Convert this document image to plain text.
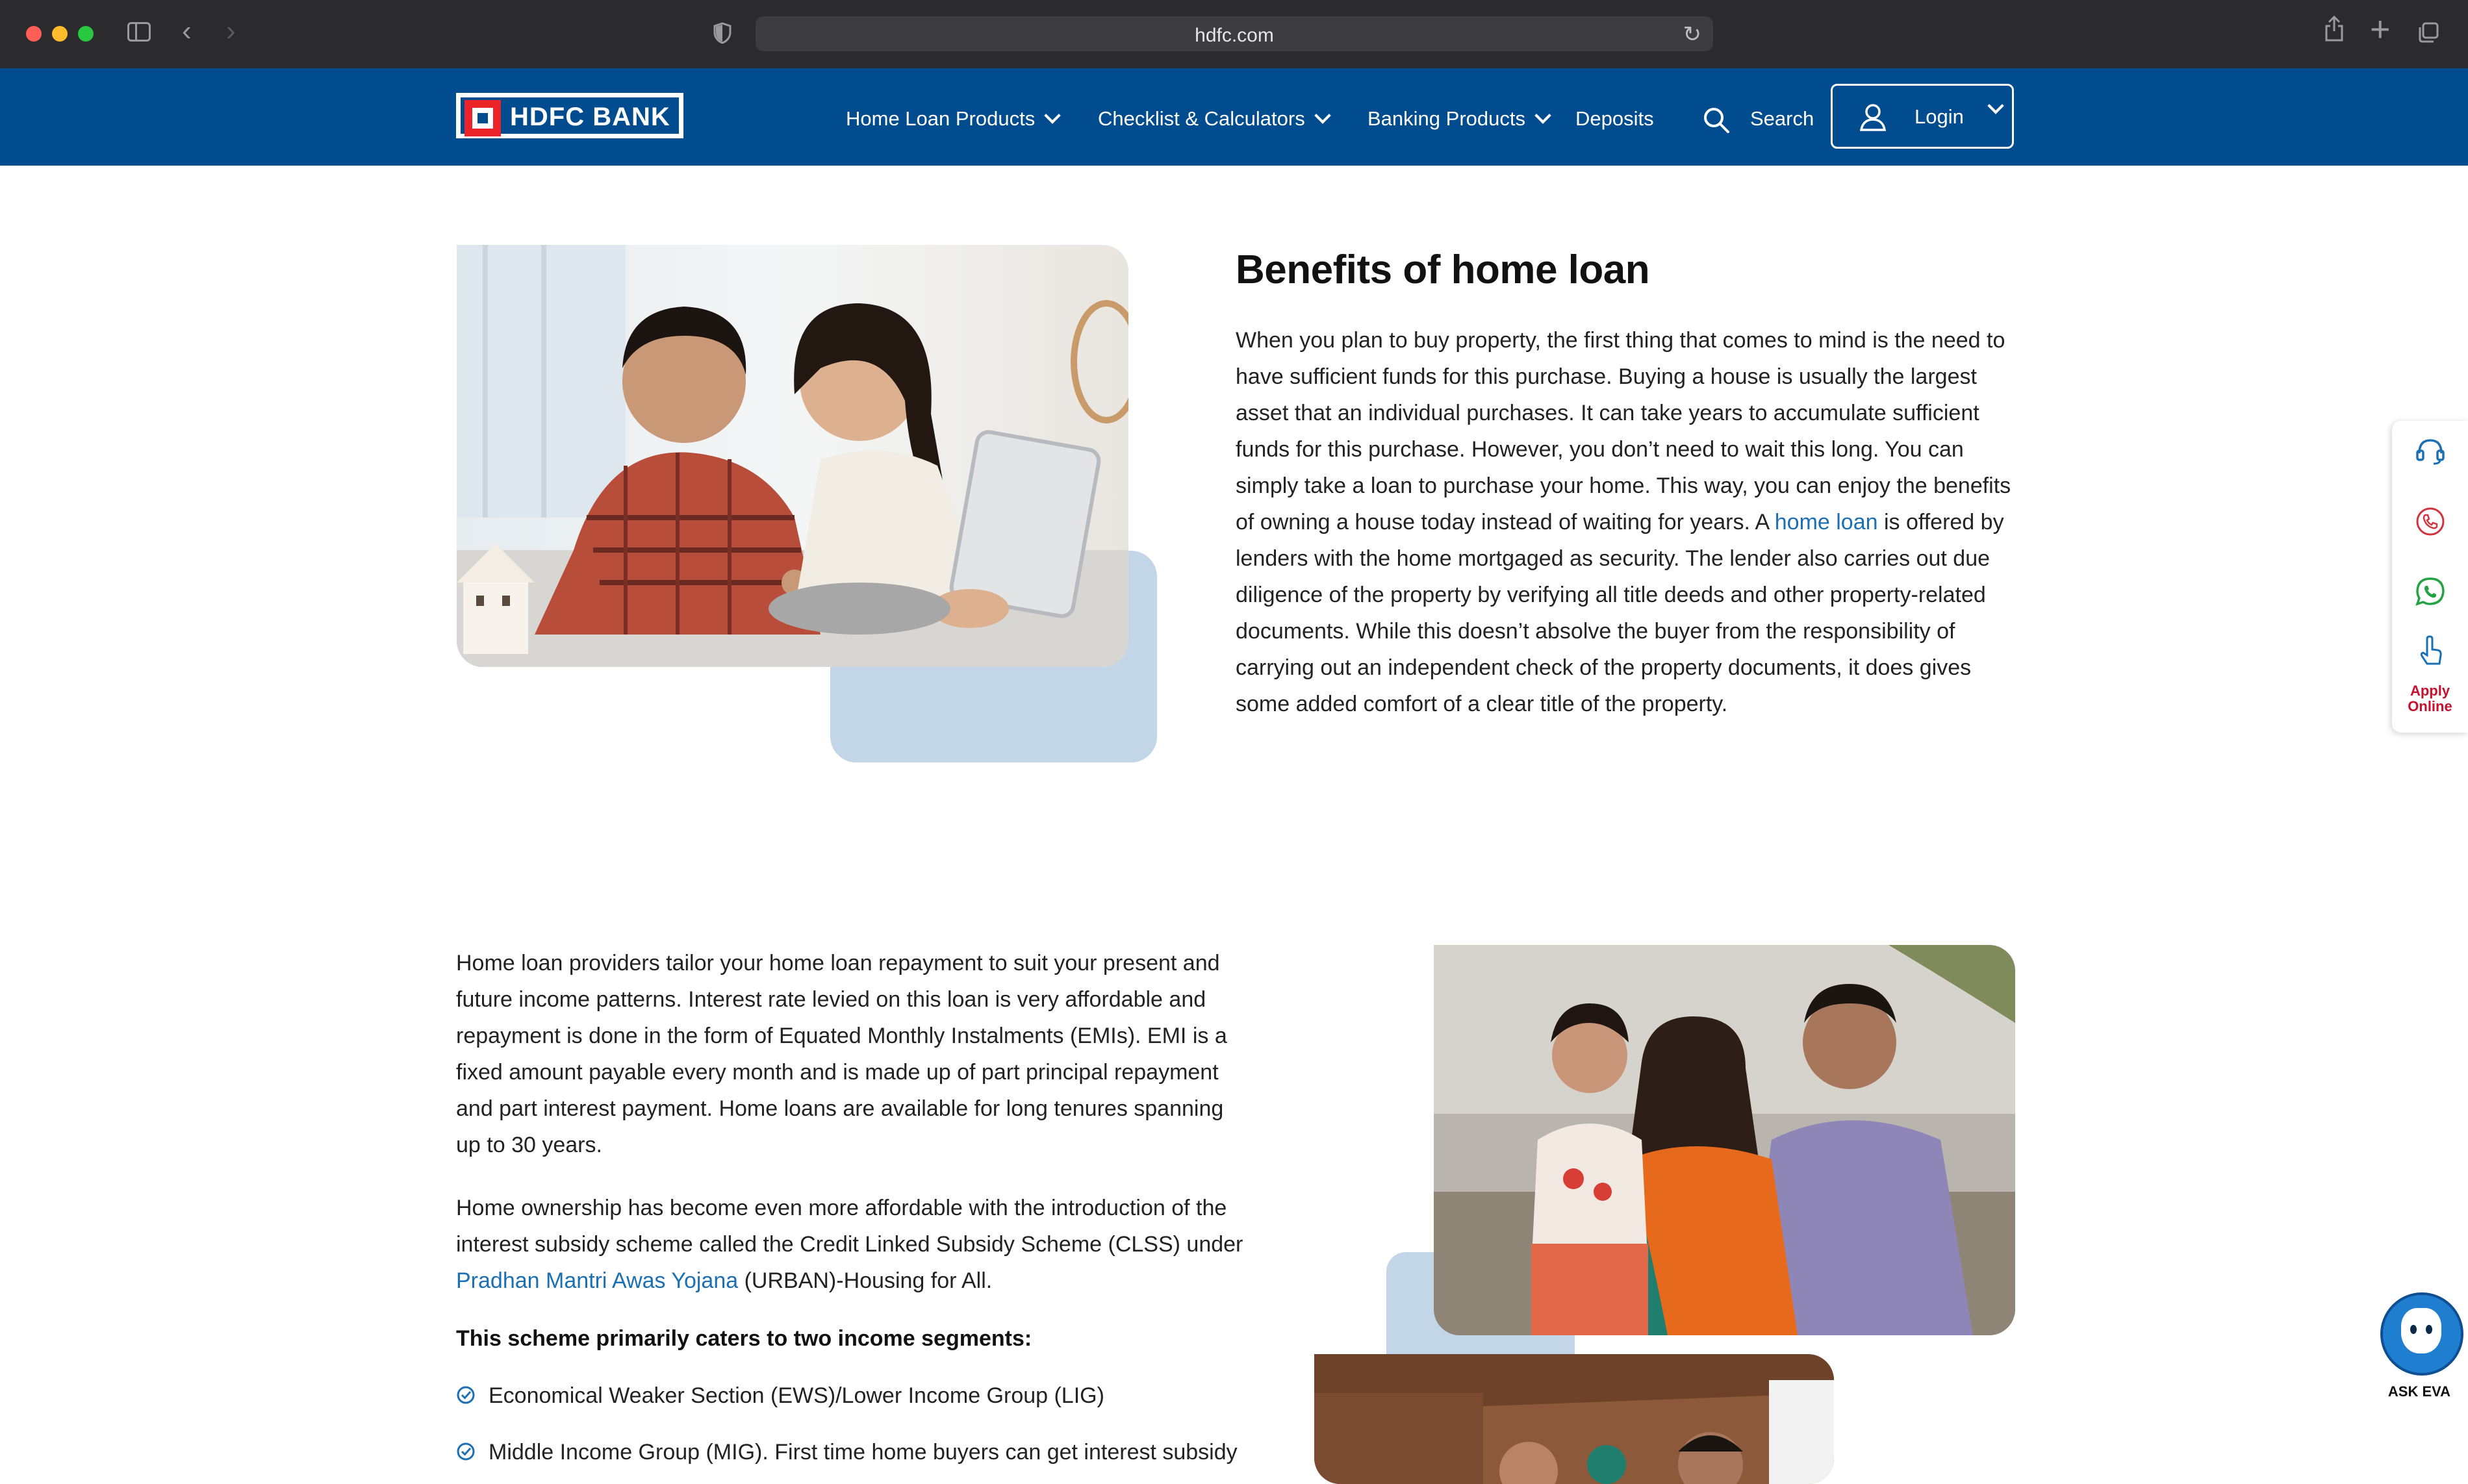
‹ ›	hdfc.com	↻	+
HDFC BANK	Home Loan Products	Checklist & Calculators	Banking Products	Deposits	Search	Login
Benefits of home loan

When you plan to buy property, the first thing that comes to mind is the need to have sufficient funds for this purchase. Buying a house is usually the largest asset that an individual purchases. It can take years to accumulate sufficient funds for this purchase. However, you don’t need to wait this long. You can simply take a loan to purchase your home. This way, you can enjoy the benefits of owning a house today instead of waiting for years. A home loan is offered by lenders with the home mortgaged as security. The lender also carries out due diligence of the property by verifying all title deeds and other property-related documents. While this doesn’t absolve the buyer from the responsibility of carrying out an independent check of the property documents, it does gives some added comfort of a clear title of the property.

Home loan providers tailor your home loan repayment to suit your present and future income patterns. Interest rate levied on this loan is very affordable and repayment is done in the form of Equated Monthly Instalments (EMIs). EMI is a fixed amount payable every month and is made up of part principal repayment and part interest payment. Home loans are available for long tenures spanning up to 30 years.

Home ownership has become even more affordable with the introduction of the interest subsidy scheme called the Credit Linked Subsidy Scheme (CLSS) under Pradhan Mantri Awas Yojana (URBAN)-Housing for All.

This scheme primarily caters to two income segments:
Economical Weaker Section (EWS)/Lower Income Group (LIG)
Middle Income Group (MIG). First time home buyers can get interest subsidy
Apply Online
ASK EVA
